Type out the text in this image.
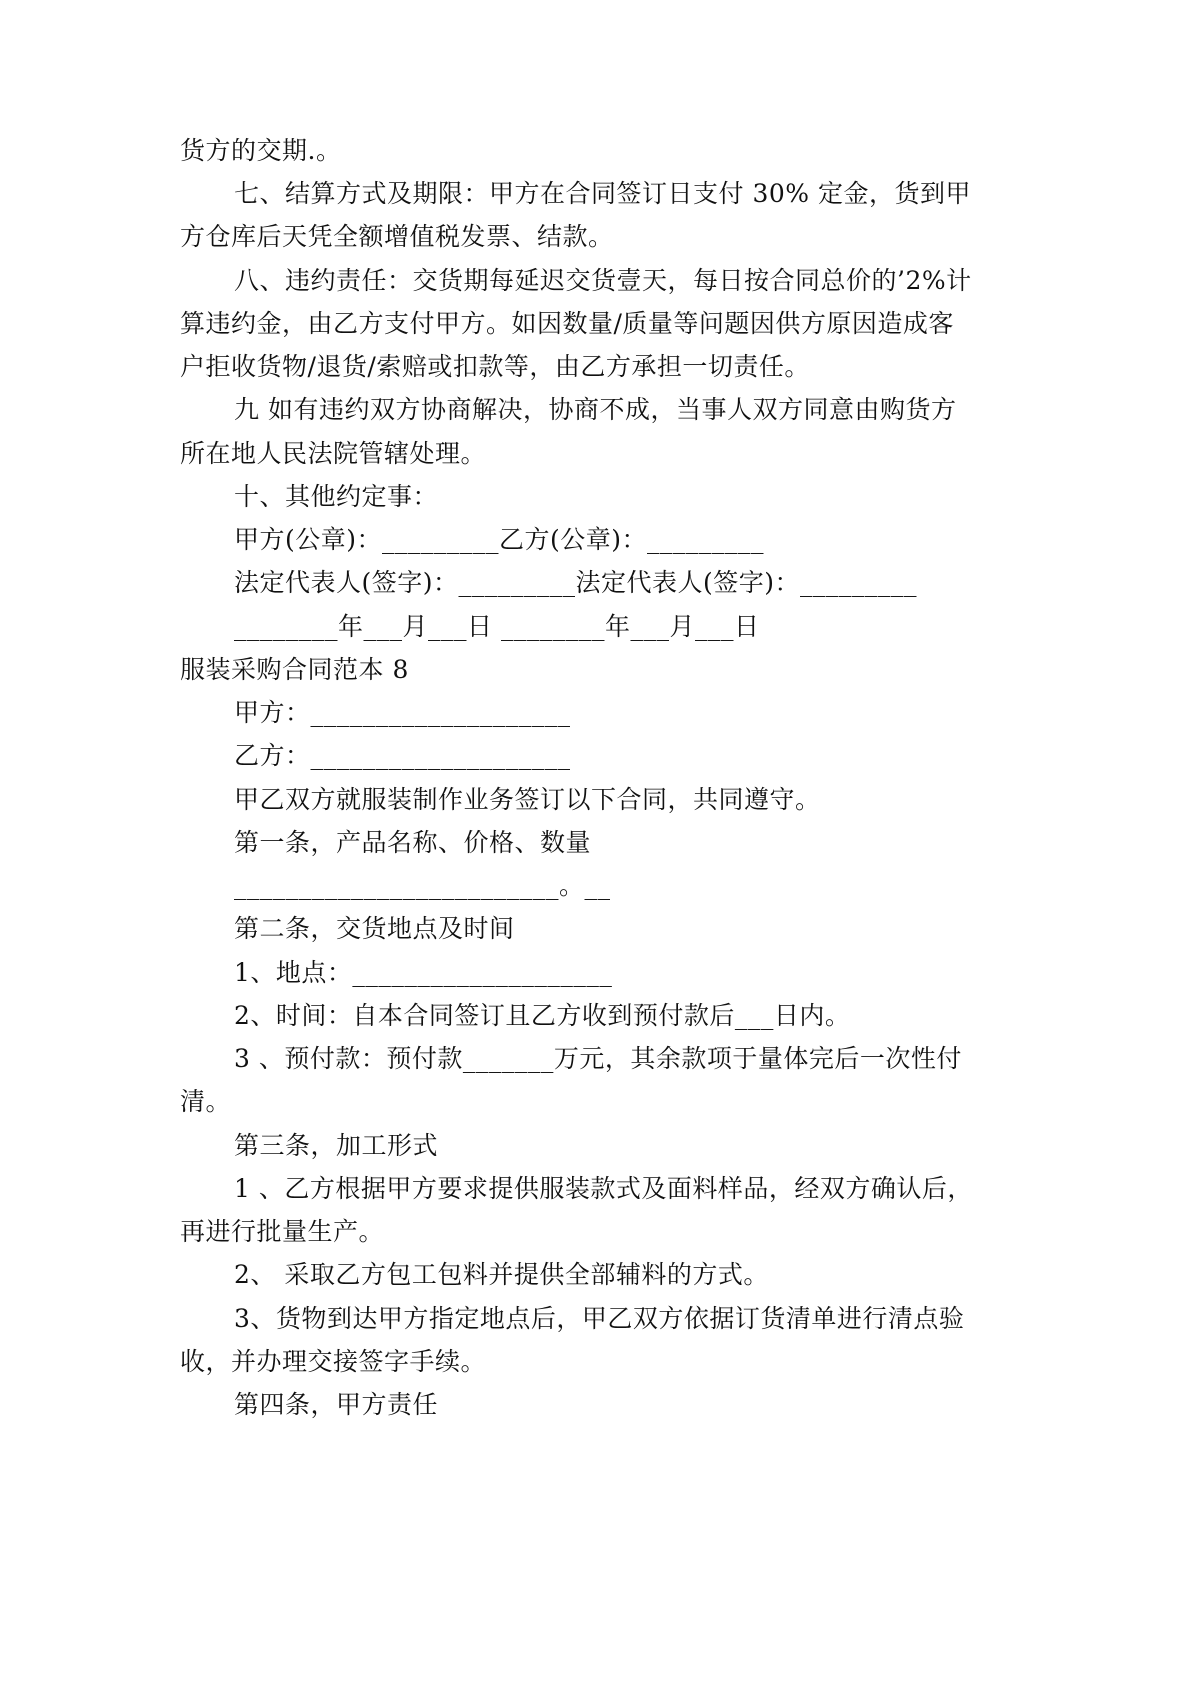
货方的交期.。
七、结算方式及期限：甲方在合同签订日支付 30% 定金，货到甲
方仓库后天凭全额增值税发票、结款。
八、违约责任：交货期每延迟交货壹天，每日按合同总价的’2%计
算违约金，由乙方支付甲方。如因数量/质量等问题因供方原因造成客
户拒收货物/退货/索赔或扣款等，由乙方承担一切责任。
九 如有违约双方协商解决，协商不成，当事人双方同意由购货方
所在地人民法院管辖处理。
十、其他约定事：
甲方(公章)：_________乙方(公章)：_________
法定代表人(签字)：_________法定代表人(签字)：_________
________年___月___日 ________年___月___日
服装采购合同范本 8
甲方：____________________
乙方：____________________
甲乙双方就服装制作业务签订以下合同，共同遵守。
第一条，产品名称、价格、数量
_________________________。__
第二条，交货地点及时间
1、地点：____________________
2、时间：自本合同签订且乙方收到预付款后___日内。
3 、预付款：预付款_______万元，其余款项于量体完后一次性付
清。
第三条，加工形式
1 、乙方根据甲方要求提供服装款式及面料样品，经双方确认后，
再进行批量生产。
2、 采取乙方包工包料并提供全部辅料的方式。
3、货物到达甲方指定地点后，甲乙双方依据订货清单进行清点验
收，并办理交接签字手续。
第四条，甲方责任
